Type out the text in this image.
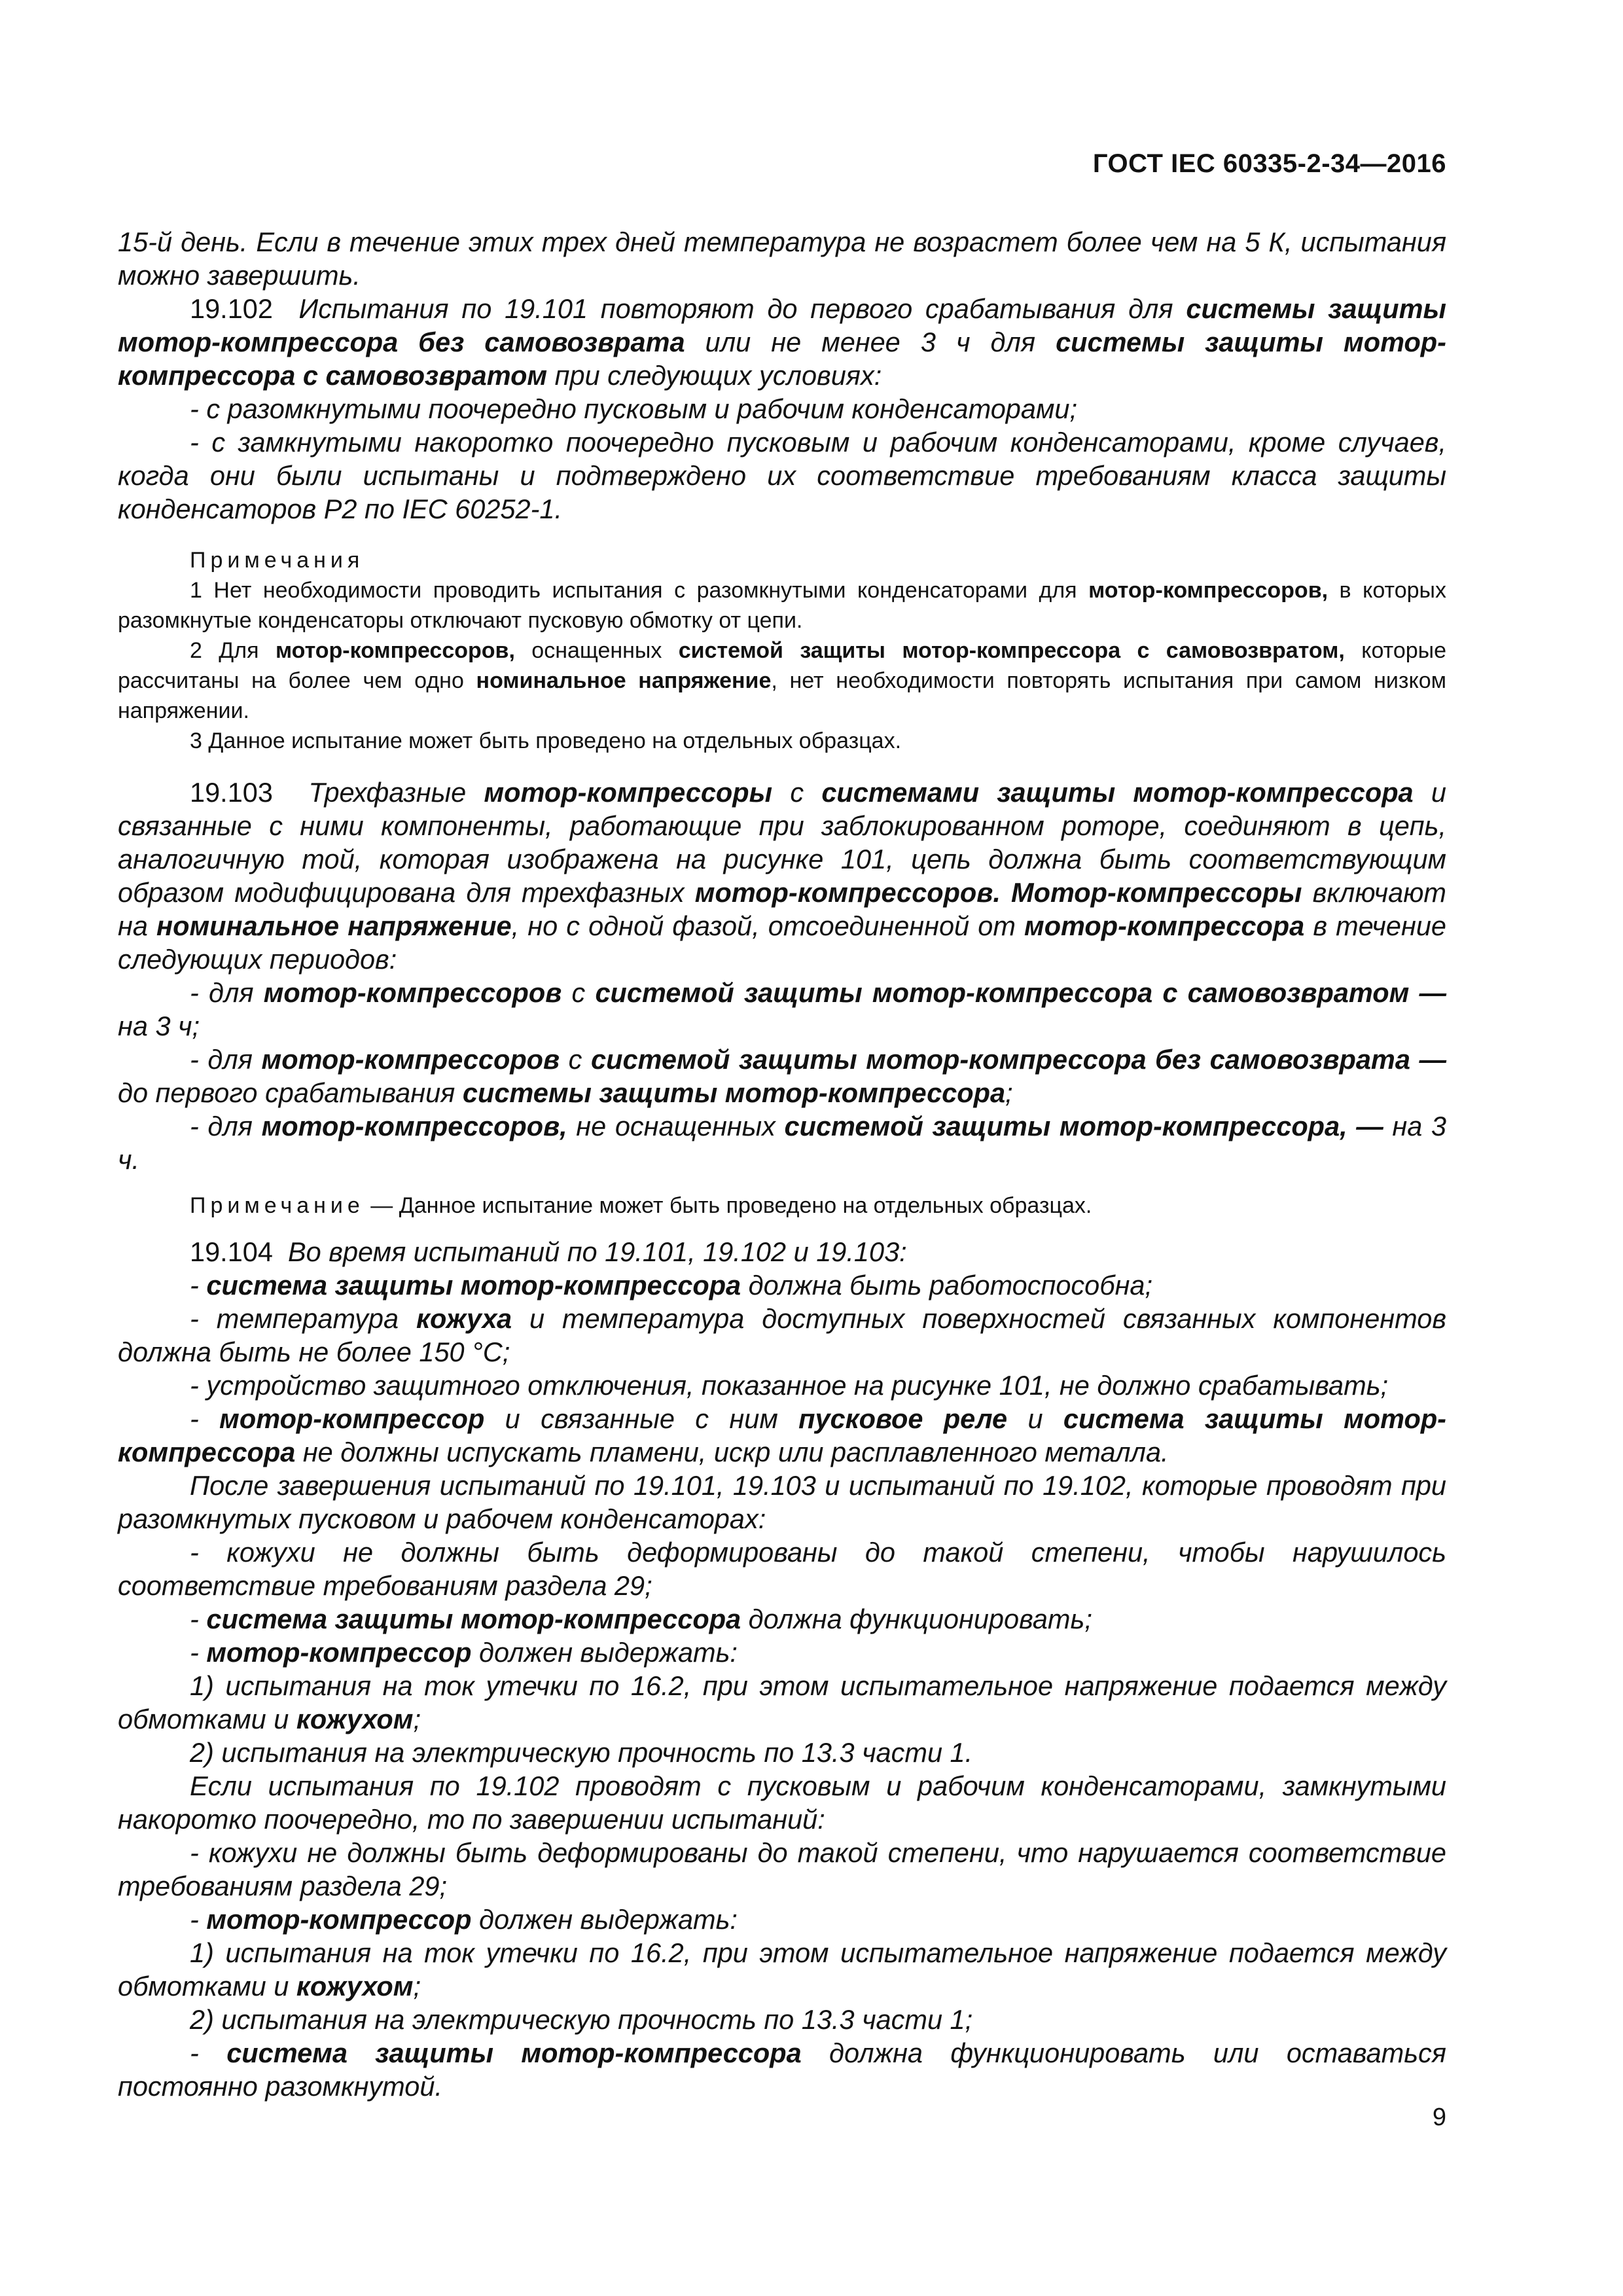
ГОСТ IEC 60335-2-34—2016

15-й день. Если в течение этих трех дней температура не возрастет более чем на 5 К, испытания можно завершить.

19.102 Испытания по 19.101 повторяют до первого срабатывания для системы защиты мотор-компрессора без самовозврата или не менее 3 ч для системы защиты мотор-компрессора с самовозвратом при следующих условиях:

- с разомкнутыми поочередно пусковым и рабочим конденсаторами;

- с замкнутыми накоротко поочередно пусковым и рабочим конденсаторами, кроме случаев, когда они были испытаны и подтверждено их соответствие требованиям класса защиты конденсаторов P2 по IEC 60252-1.

Примечания

1 Нет необходимости проводить испытания с разомкнутыми конденсаторами для мотор-компрессоров, в которых разомкнутые конденсаторы отключают пусковую обмотку от цепи.

2 Для мотор-компрессоров, оснащенных системой защиты мотор-компрессора с самовозвратом, которые рассчитаны на более чем одно номинальное напряжение, нет необходимости повторять испытания при самом низком напряжении.

3 Данное испытание может быть проведено на отдельных образцах.

19.103 Трехфазные мотор-компрессоры с системами защиты мотор-компрессора и связанные с ними компоненты, работающие при заблокированном роторе, соединяют в цепь, аналогичную той, которая изображена на рисунке 101, цепь должна быть соответствующим образом модифицирована для трехфазных мотор-компрессоров. Мотор-компрессоры включают на номинальное напряжение, но с одной фазой, отсоединенной от мотор-компрессора в течение следующих периодов:

- для мотор-компрессоров с системой защиты мотор-компрессора с самовозвратом — на 3 ч;

- для мотор-компрессоров с системой защиты мотор-компрессора без самовозврата — до первого срабатывания системы защиты мотор-компрессора;

- для мотор-компрессоров, не оснащенных системой защиты мотор-компрессора, — на 3 ч.

Примечание — Данное испытание может быть проведено на отдельных образцах.

19.104 Во время испытаний по 19.101, 19.102 и 19.103:

- система защиты мотор-компрессора должна быть работоспособна;

- температура кожуха и температура доступных поверхностей связанных компонентов должна быть не более 150 °С;

- устройство защитного отключения, показанное на рисунке 101, не должно срабатывать;

- мотор-компрессор и связанные с ним пусковое реле и система защиты мотор-компрессора не должны испускать пламени, искр или расплавленного металла.

После завершения испытаний по 19.101, 19.103 и испытаний по 19.102, которые проводят при разомкнутых пусковом и рабочем конденсаторах:

- кожухи не должны быть деформированы до такой степени, чтобы нарушилось соответствие требованиям раздела 29;

- система защиты мотор-компрессора должна функционировать;

- мотор-компрессор должен выдержать:

1) испытания на ток утечки по 16.2, при этом испытательное напряжение подается между обмотками и кожухом;

2) испытания на электрическую прочность по 13.3 части 1.

Если испытания по 19.102 проводят с пусковым и рабочим конденсаторами, замкнутыми накоротко поочередно, то по завершении испытаний:

- кожухи не должны быть деформированы до такой степени, что нарушается соответствие требованиям раздела 29;

- мотор-компрессор должен выдержать:

1) испытания на ток утечки по 16.2, при этом испытательное напряжение подается между обмотками и кожухом;

2) испытания на электрическую прочность по 13.3 части 1;

- система защиты мотор-компрессора должна функционировать или оставаться постоянно разомкнутой.

9
